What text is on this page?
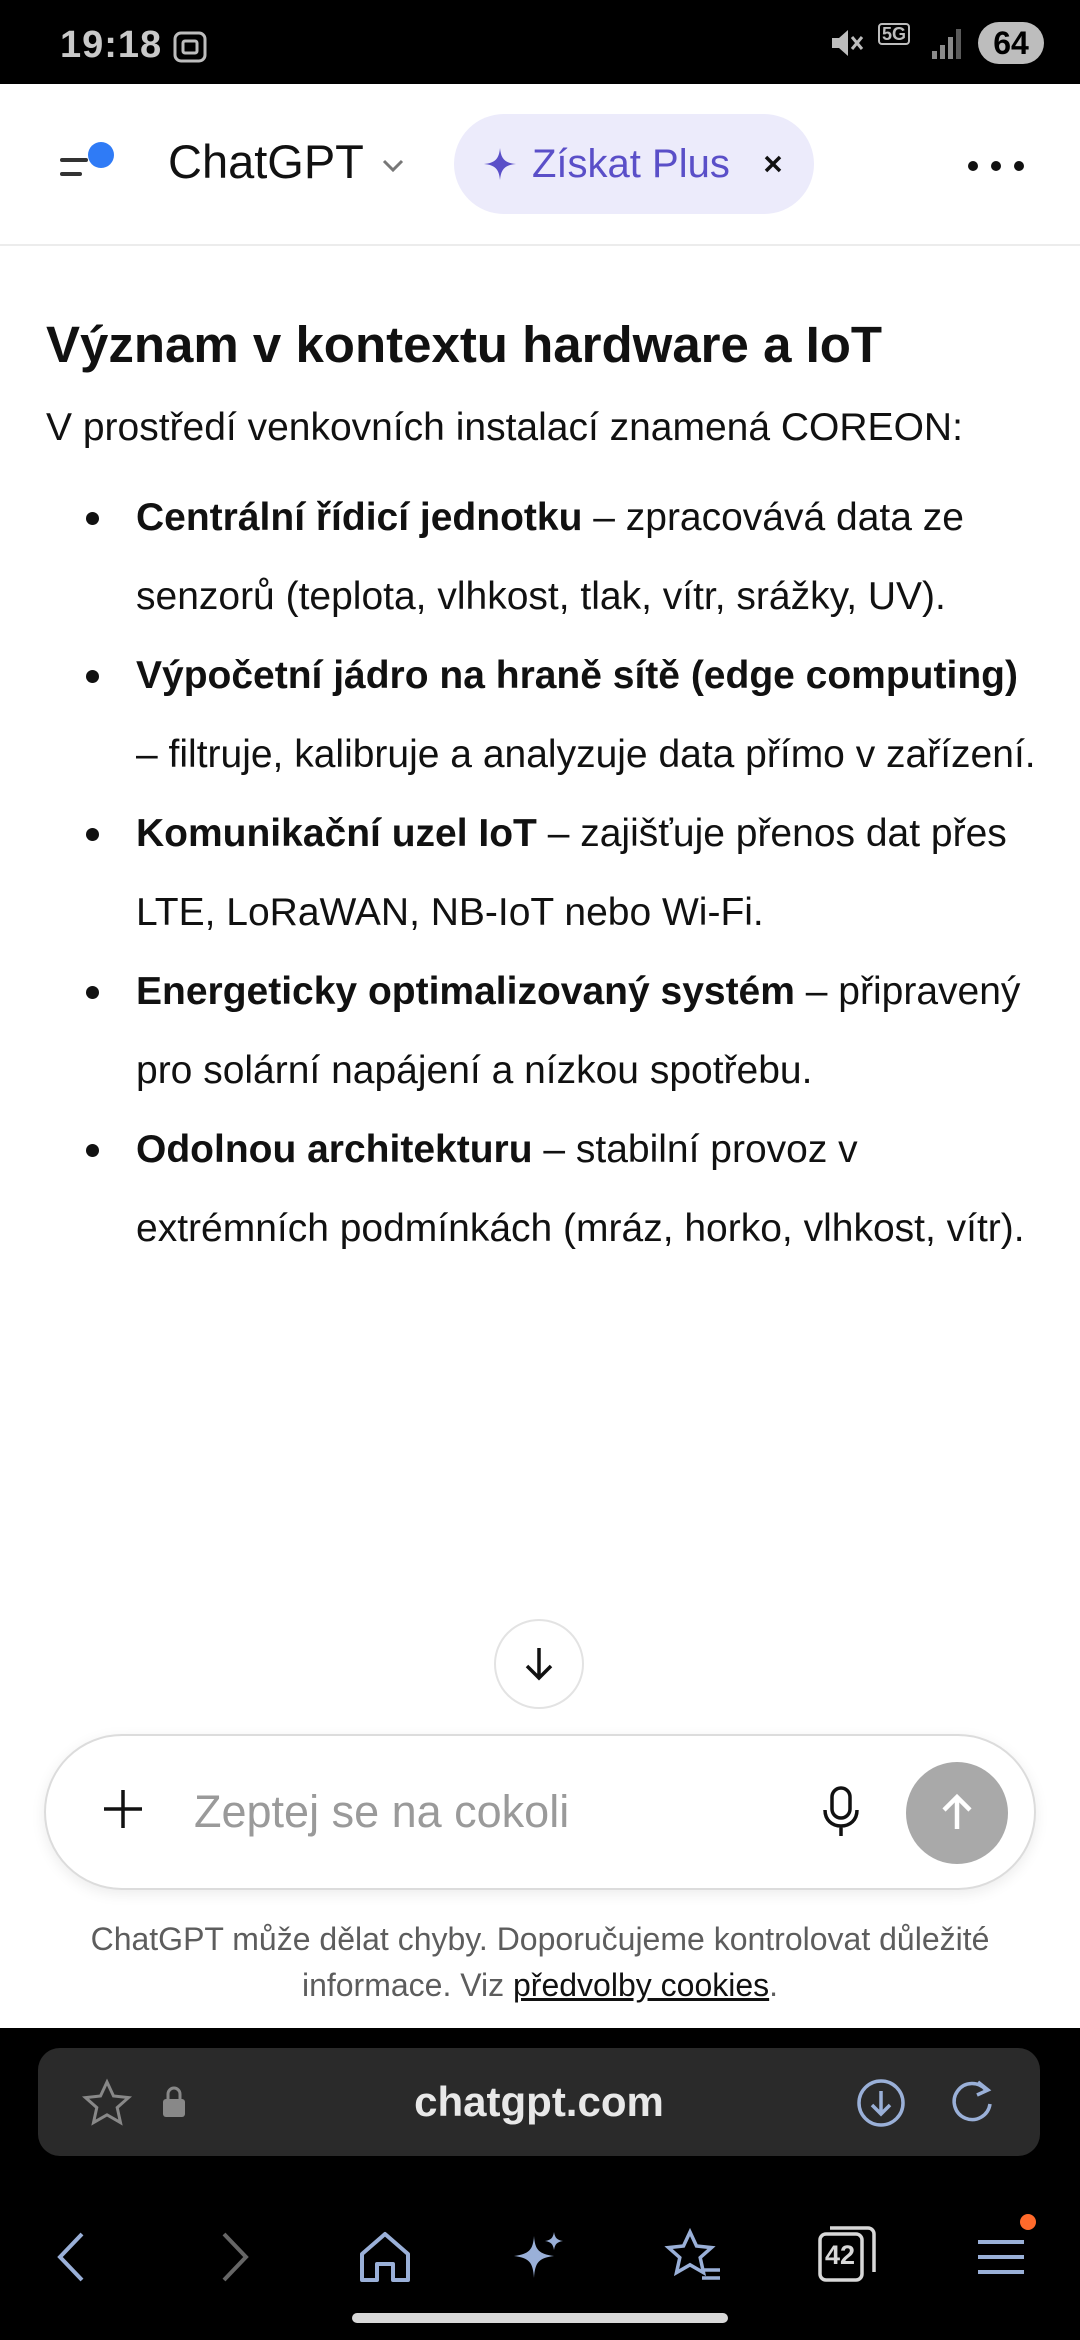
19:18	5G	64
ChatGPT	Získat Plus
Význam v kontextu hardware a IoT

V prostředí venkovních instalací znamená COREON:

Centrální řídicí jednotku – zpracovává data ze senzorů (teplota, vlhkost, tlak, vítr, srážky, UV).
Výpočetní jádro na hraně sítě (edge computing) – filtruje, kalibruje a analyzuje data přímo v zařízení.
Komunikační uzel IoT – zajišťuje přenos dat přes LTE, LoRaWAN, NB-IoT nebo Wi-Fi.
Energeticky optimalizovaný systém – připravený pro solární napájení a nízkou spotřebu.
Odolnou architekturu – stabilní provoz v extrémních podmínkách (mráz, horko, vlhkost, vítr).
Zeptej se na cokoli

ChatGPT může dělat chyby. Doporučujeme kontrolovat důležité informace. Viz předvolby cookies.

chatgpt.com
42
